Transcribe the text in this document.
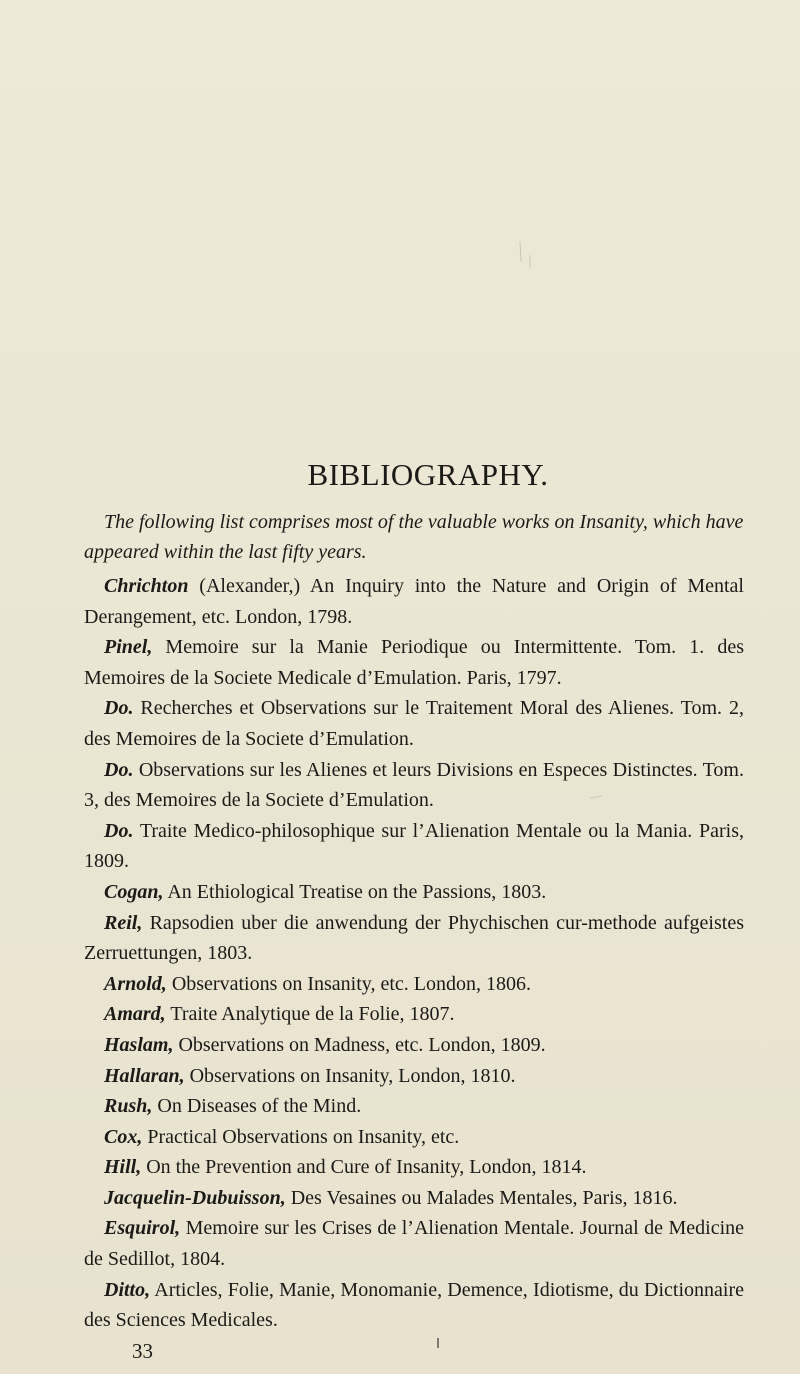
BIBLIOGRAPHY.

The following list comprises most of the valuable works on Insanity, which have appeared within the last fifty years.

Chrichton (Alexander,) An Inquiry into the Nature and Origin of Mental Derangement, etc. London, 1798.

Pinel, Memoire sur la Manie Periodique ou Intermittente. Tom. 1. des Memoires de la Societe Medicale d’Emulation. Paris, 1797.

Do. Recherches et Observations sur le Traitement Moral des Alienes. Tom. 2, des Memoires de la Societe d’Emulation.

Do. Observations sur les Alienes et leurs Divisions en Especes Distinctes. Tom. 3, des Memoires de la Societe d’Emulation.

Do. Traite Medico-philosophique sur l’Alienation Mentale ou la Mania. Paris, 1809.

Cogan, An Ethiological Treatise on the Passions, 1803.

Reil, Rapsodien uber die anwendung der Phychischen cur-methode aufgeistes Zerruettungen, 1803.

Arnold, Observations on Insanity, etc. London, 1806.

Amard, Traite Analytique de la Folie, 1807.

Haslam, Observations on Madness, etc. London, 1809.

Hallaran, Observations on Insanity, London, 1810.

Rush, On Diseases of the Mind.

Cox, Practical Observations on Insanity, etc.

Hill, On the Prevention and Cure of Insanity, London, 1814.

Jacquelin-Dubuisson, Des Vesaines ou Malades Mentales, Paris, 1816.

Esquirol, Memoire sur les Crises de l’Alienation Mentale. Journal de Medicine de Sedillot, 1804.

Ditto, Articles, Folie, Manie, Monomanie, Demence, Idiotisme, du Dictionnaire des Sciences Medicales.

33
